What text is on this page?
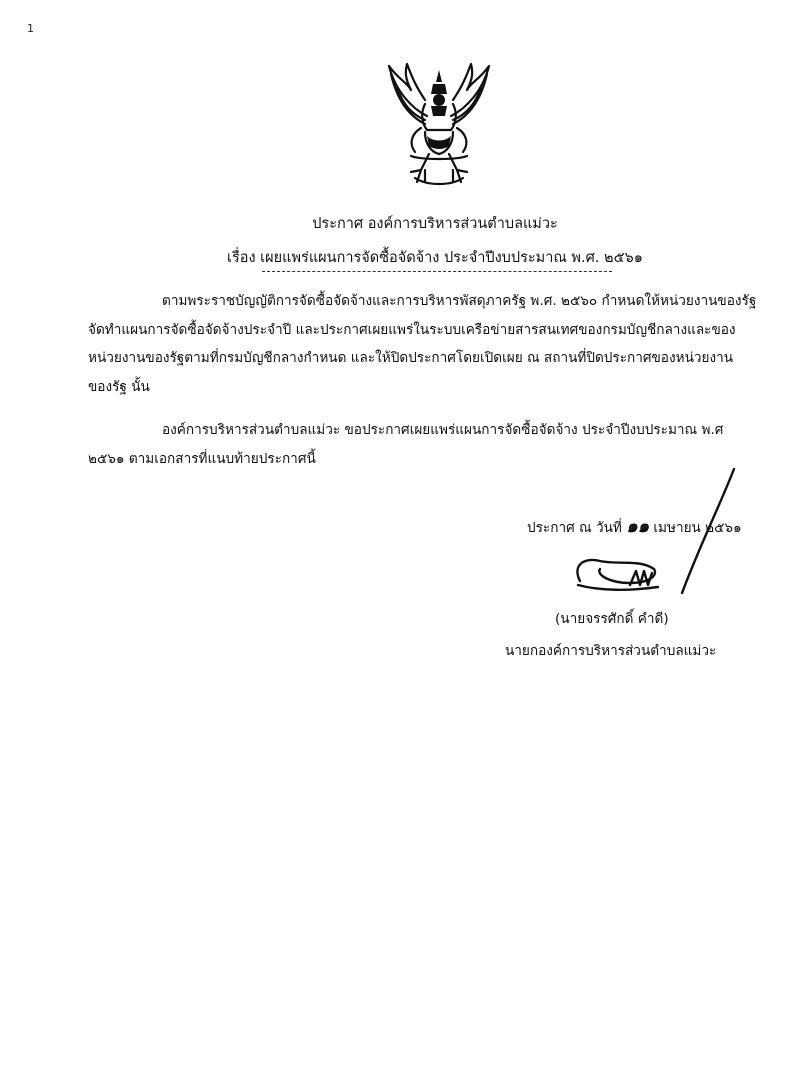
1
ประกาศ องค์การบริหารส่วนตำบลแม่วะ
เรื่อง เผยแพร่แผนการจัดซื้อจัดจ้าง ประจำปีงบประมาณ พ.ศ. ๒๕๖๑
ตามพระราชบัญญัติการจัดซื้อจัดจ้างและการบริหารพัสดุภาครัฐ พ.ศ. ๒๕๖๐ กำหนดให้หน่วยงานของรัฐ
จัดทำแผนการจัดซื้อจัดจ้างประจำปี และประกาศเผยแพร่ในระบบเครือข่ายสารสนเทศของกรมบัญชีกลางและของ
หน่วยงานของรัฐตามที่กรมบัญชีกลางกำหนด และให้ปิดประกาศโดยเปิดเผย ณ สถานที่ปิดประกาศของหน่วยงาน
ของรัฐ นั้น
องค์การบริหารส่วนตำบลแม่วะ ขอประกาศเผยแพร่แผนการจัดซื้อจัดจ้าง ประจำปีงบประมาณ พ.ศ
๒๕๖๑ ตามเอกสารที่แนบท้ายประกาศนี้
ประกาศ ณ วันที่ ๑๑ เมษายน ๒๕๖๑
(นายจรรศักดิ์ คำดี)
นายกองค์การบริหารส่วนตำบลแม่วะ
